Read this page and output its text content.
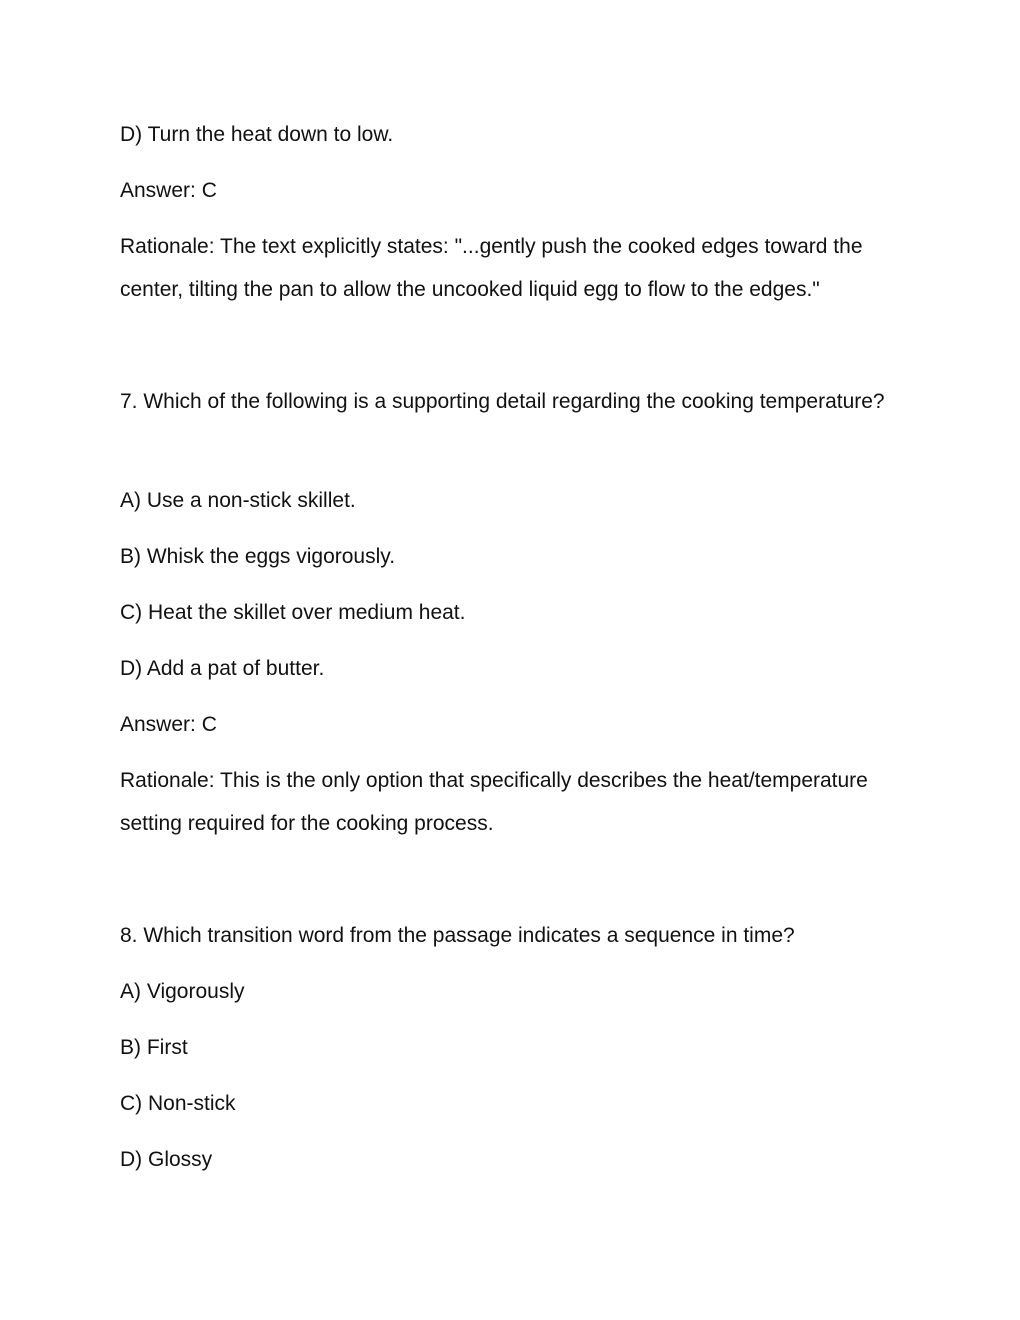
D) Turn the heat down to low.
Answer: C
Rationale: The text explicitly states: "...gently push the cooked edges toward the center, tilting the pan to allow the uncooked liquid egg to flow to the edges."
7. Which of the following is a supporting detail regarding the cooking temperature?
A) Use a non-stick skillet.
B) Whisk the eggs vigorously.
C) Heat the skillet over medium heat.
D) Add a pat of butter.
Answer: C
Rationale: This is the only option that specifically describes the heat/temperature setting required for the cooking process.
8. Which transition word from the passage indicates a sequence in time?
A) Vigorously
B) First
C) Non-stick
D) Glossy
